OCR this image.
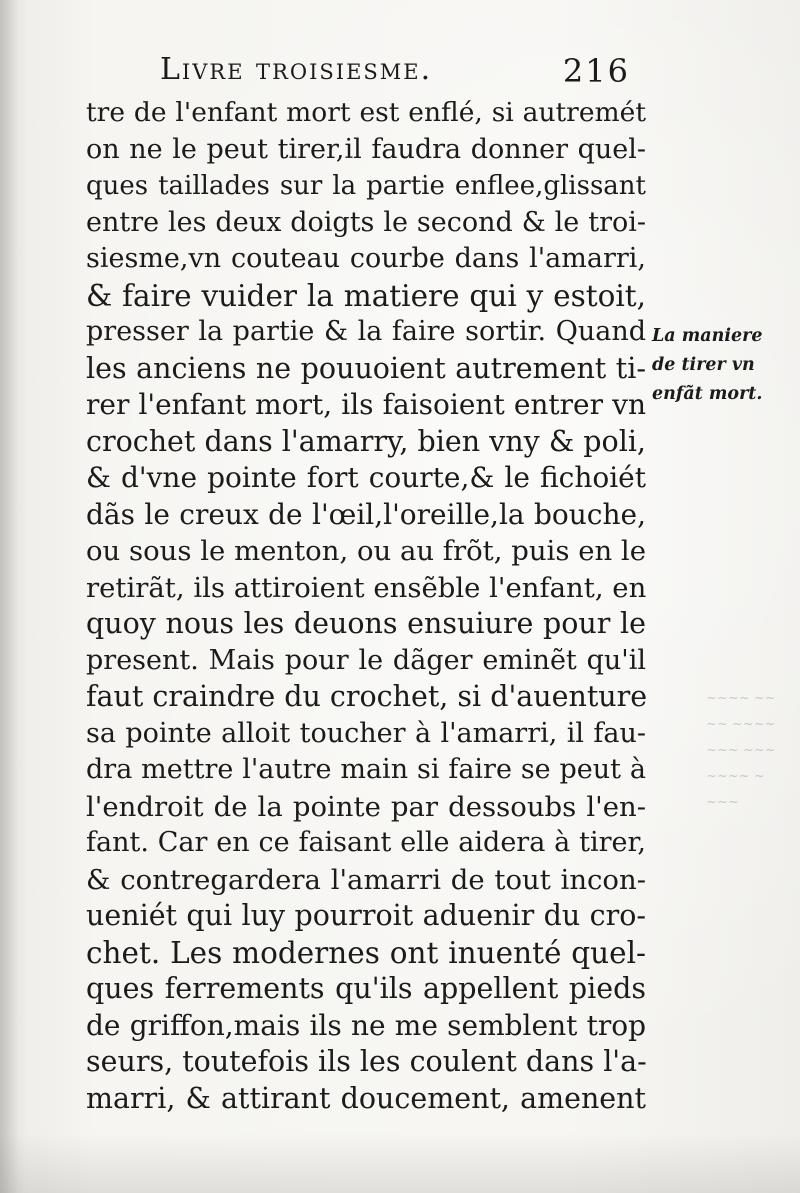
Livre troisiesme.	216
tre de l'enfant mort est enflé, si autremét
on ne le peut tirer,il faudra donner quel-
ques taillades sur la partie enflee,glissant
entre les deux doigts le second & le troi-
siesme,vn couteau courbe dans l'amarri,
& faire vuider la matiere qui y estoit,
presser la partie & la faire sortir. Quand
les anciens ne pouuoient autrement ti-
rer l'enfant mort, ils faisoient entrer vn
crochet dans l'amarry, bien vny & poli,
& d'vne pointe fort courte,& le fichoiét
dãs le creux de l'œil,l'oreille,la bouche,
ou sous le menton, ou au frõt, puis en le
retirãt, ils attiroient ensẽble l'enfant, en
quoy nous les deuons ensuiure pour le
present. Mais pour le dãger eminẽt qu'il
faut craindre du crochet, si d'auenture
sa pointe alloit toucher à l'amarri, il fau-
dra mettre l'autre main si faire se peut à
l'endroit de la pointe par dessoubs l'en-
fant. Car en ce faisant elle aidera à tirer,
& contregardera l'amarri de tout incon-
ueniét qui luy pourroit aduenir du cro-
chet. Les modernes ont inuenté quel-
ques ferrements qu'ils appellent pieds
de griffon,mais ils ne me semblent trop
seurs, toutefois ils les coulent dans l'a-
marri, & attirant doucement, amenent
La maniere
de tirer vn
enfãt mort.
~~~~ ~~
~~ ~~~~
~~~ ~~~
~~~~ ~
~~~
